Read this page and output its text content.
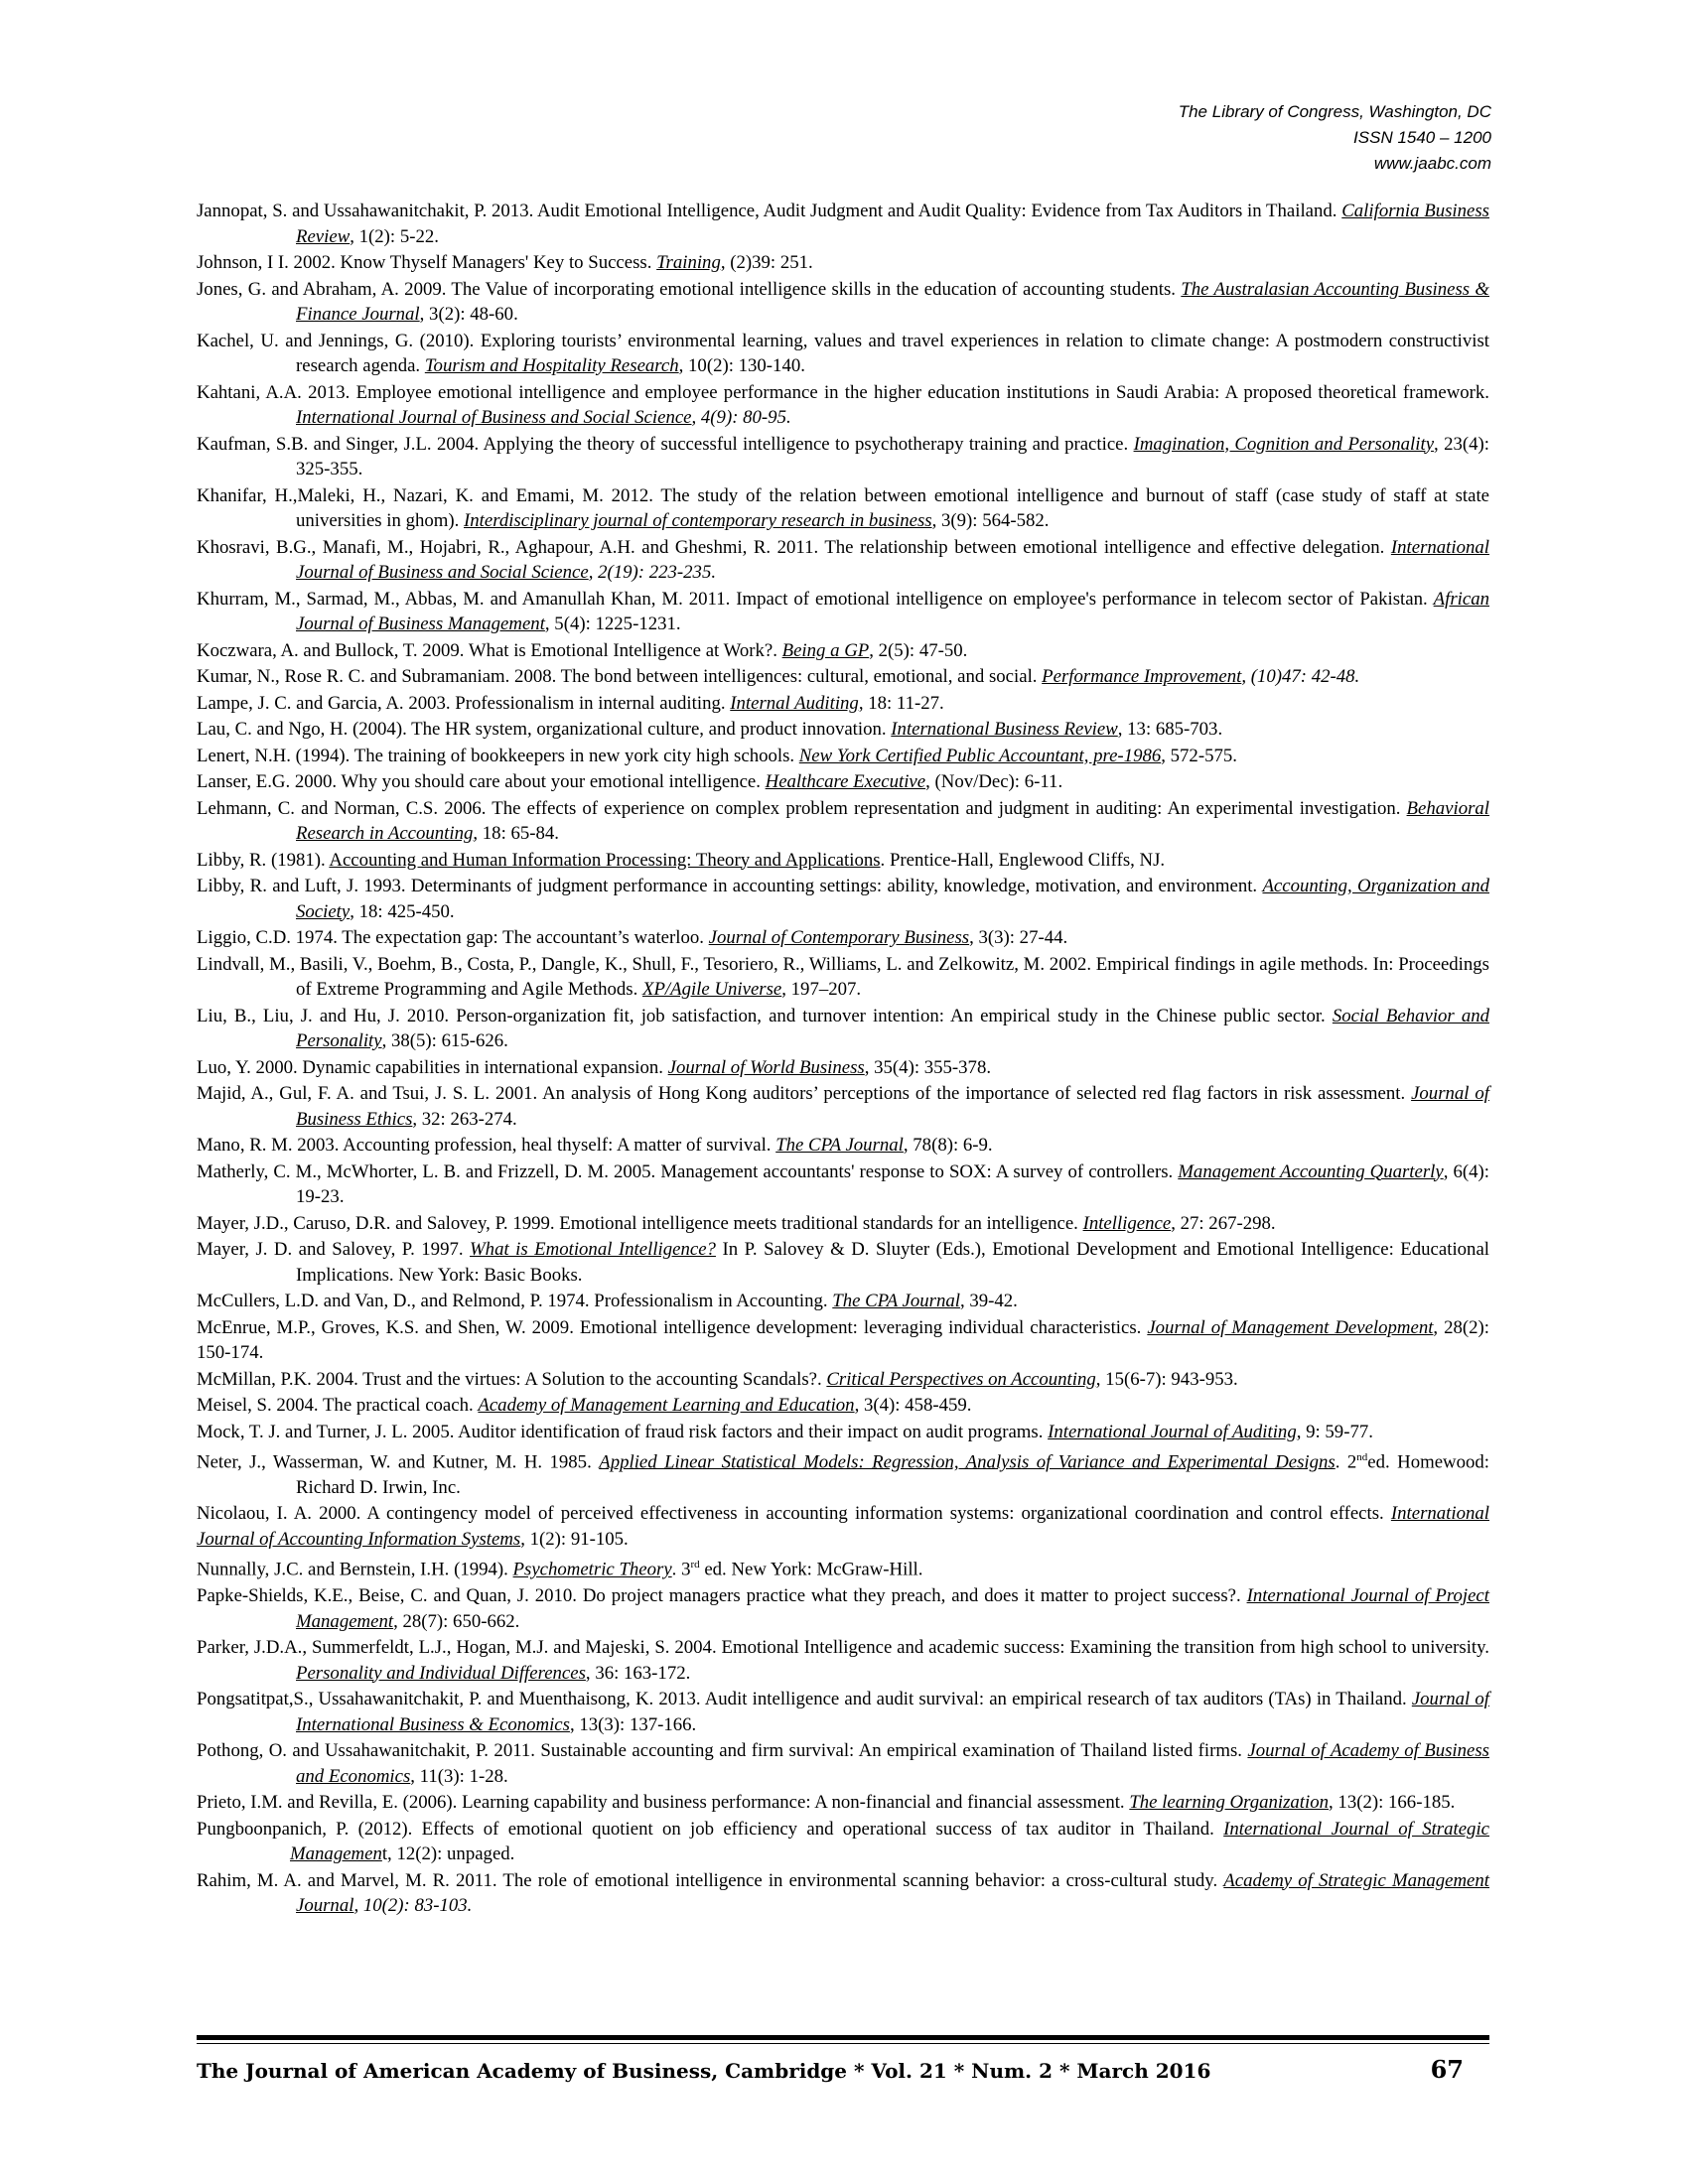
The Library of Congress, Washington, DC
ISSN 1540 – 1200
www.jaabc.com

Jannopat, S. and Ussahawanitchakit, P. 2013. Audit Emotional Intelligence, Audit Judgment and Audit Quality: Evidence from Tax Auditors in Thailand. California Business Review, 1(2): 5-22.

Johnson, I I. 2002. Know Thyself Managers' Key to Success. Training, (2)39: 251.

Jones, G. and Abraham, A. 2009. The Value of incorporating emotional intelligence skills in the education of accounting students. The Australasian Accounting Business & Finance Journal, 3(2): 48-60.

Kachel, U. and Jennings, G. (2010). Exploring tourists’ environmental learning, values and travel experiences in relation to climate change: A postmodern constructivist research agenda. Tourism and Hospitality Research, 10(2): 130-140.

Kahtani, A.A. 2013. Employee emotional intelligence and employee performance in the higher education institutions in Saudi Arabia: A proposed theoretical framework. International Journal of Business and Social Science, 4(9): 80-95.

Kaufman, S.B. and Singer, J.L. 2004. Applying the theory of successful intelligence to psychotherapy training and practice. Imagination, Cognition and Personality, 23(4): 325-355.

Khanifar, H.,Maleki, H., Nazari, K. and Emami, M. 2012. The study of the relation between emotional intelligence and burnout of staff (case study of staff at state universities in ghom). Interdisciplinary journal of contemporary research in business, 3(9): 564-582.

Khosravi, B.G., Manafi, M., Hojabri, R., Aghapour, A.H. and Gheshmi, R. 2011. The relationship between emotional intelligence and effective delegation. International Journal of Business and Social Science, 2(19): 223-235.

Khurram, M., Sarmad, M., Abbas, M. and Amanullah Khan, M. 2011. Impact of emotional intelligence on employee's performance in telecom sector of Pakistan. African Journal of Business Management, 5(4): 1225-1231.

Koczwara, A. and Bullock, T. 2009. What is Emotional Intelligence at Work?. Being a GP, 2(5): 47-50.

Kumar, N., Rose R. C. and Subramaniam. 2008. The bond between intelligences: cultural, emotional, and social. Performance Improvement, (10)47: 42-48.

Lampe, J. C. and Garcia, A. 2003. Professionalism in internal auditing. Internal Auditing, 18: 11-27.

Lau, C. and Ngo, H. (2004). The HR system, organizational culture, and product innovation. International Business Review, 13: 685-703.

Lenert, N.H. (1994). The training of bookkeepers in new york city high schools. New York Certified Public Accountant, pre-1986, 572-575.

Lanser, E.G. 2000. Why you should care about your emotional intelligence. Healthcare Executive, (Nov/Dec): 6-11.

Lehmann, C. and Norman, C.S. 2006. The effects of experience on complex problem representation and judgment in auditing: An experimental investigation. Behavioral Research in Accounting, 18: 65-84.

Libby, R. (1981). Accounting and Human Information Processing: Theory and Applications. Prentice-Hall, Englewood Cliffs, NJ.

Libby, R. and Luft, J. 1993. Determinants of judgment performance in accounting settings: ability, knowledge, motivation, and environment. Accounting, Organization and Society, 18: 425-450.

Liggio, C.D. 1974. The expectation gap: The accountant’s waterloo. Journal of Contemporary Business, 3(3): 27-44.

Lindvall, M., Basili, V., Boehm, B., Costa, P., Dangle, K., Shull, F., Tesoriero, R., Williams, L. and Zelkowitz, M. 2002. Empirical findings in agile methods. In: Proceedings of Extreme Programming and Agile Methods. XP/Agile Universe, 197–207.

Liu, B., Liu, J. and Hu, J. 2010. Person-organization fit, job satisfaction, and turnover intention: An empirical study in the Chinese public sector. Social Behavior and Personality, 38(5): 615-626.

Luo, Y. 2000. Dynamic capabilities in international expansion. Journal of World Business, 35(4): 355-378.

Majid, A., Gul, F. A. and Tsui, J. S. L. 2001. An analysis of Hong Kong auditors’ perceptions of the importance of selected red flag factors in risk assessment. Journal of Business Ethics, 32: 263-274.

Mano, R. M. 2003. Accounting profession, heal thyself: A matter of survival. The CPA Journal, 78(8): 6-9.

Matherly, C. M., McWhorter, L. B. and Frizzell, D. M. 2005. Management accountants' response to SOX: A survey of controllers. Management Accounting Quarterly, 6(4): 19-23.

Mayer, J.D., Caruso, D.R. and Salovey, P. 1999. Emotional intelligence meets traditional standards for an intelligence. Intelligence, 27: 267-298.

Mayer, J. D. and Salovey, P. 1997. What is Emotional Intelligence? In P. Salovey & D. Sluyter (Eds.), Emotional Development and Emotional Intelligence: Educational Implications. New York: Basic Books.

McCullers, L.D. and Van, D., and Relmond, P. 1974. Professionalism in Accounting. The CPA Journal, 39-42.

McEnrue, M.P., Groves, K.S. and Shen, W. 2009. Emotional intelligence development: leveraging individual characteristics. Journal of Management Development, 28(2): 150-174.

McMillan, P.K. 2004. Trust and the virtues: A Solution to the accounting Scandals?. Critical Perspectives on Accounting, 15(6-7): 943-953.

Meisel, S. 2004. The practical coach. Academy of Management Learning and Education, 3(4): 458-459.

Mock, T. J. and Turner, J. L. 2005. Auditor identification of fraud risk factors and their impact on audit programs. International Journal of Auditing, 9: 59-77.

Neter, J., Wasserman, W. and Kutner, M. H. 1985. Applied Linear Statistical Models: Regression, Analysis of Variance and Experimental Designs. 2nded. Homewood: Richard D. Irwin, Inc.

Nicolaou, I. A. 2000. A contingency model of perceived effectiveness in accounting information systems: organizational coordination and control effects. International Journal of Accounting Information Systems, 1(2): 91-105.

Nunnally, J.C. and Bernstein, I.H. (1994). Psychometric Theory. 3rd ed. New York: McGraw-Hill.

Papke-Shields, K.E., Beise, C. and Quan, J. 2010. Do project managers practice what they preach, and does it matter to project success?. International Journal of Project Management, 28(7): 650-662.

Parker, J.D.A., Summerfeldt, L.J., Hogan, M.J. and Majeski, S. 2004. Emotional Intelligence and academic success: Examining the transition from high school to university. Personality and Individual Differences, 36: 163-172.

Pongsatitpat,S., Ussahawanitchakit, P. and Muenthaisong, K. 2013. Audit intelligence and audit survival: an empirical research of tax auditors (TAs) in Thailand. Journal of International Business & Economics, 13(3): 137-166.

Pothong, O. and Ussahawanitchakit, P. 2011. Sustainable accounting and firm survival: An empirical examination of Thailand listed firms. Journal of Academy of Business and Economics, 11(3): 1-28.

Prieto, I.M. and Revilla, E. (2006). Learning capability and business performance: A non-financial and financial assessment. The learning Organization, 13(2): 166-185.

Pungboonpanich, P. (2012). Effects of emotional quotient on job efficiency and operational success of tax auditor in Thailand. International Journal of Strategic Management, 12(2): unpaged.

Rahim, M. A. and Marvel, M. R. 2011. The role of emotional intelligence in environmental scanning behavior: a cross-cultural study. Academy of Strategic Management Journal, 10(2): 83-103.

The Journal of American Academy of Business, Cambridge * Vol. 21 * Num. 2 * March 2016	67
